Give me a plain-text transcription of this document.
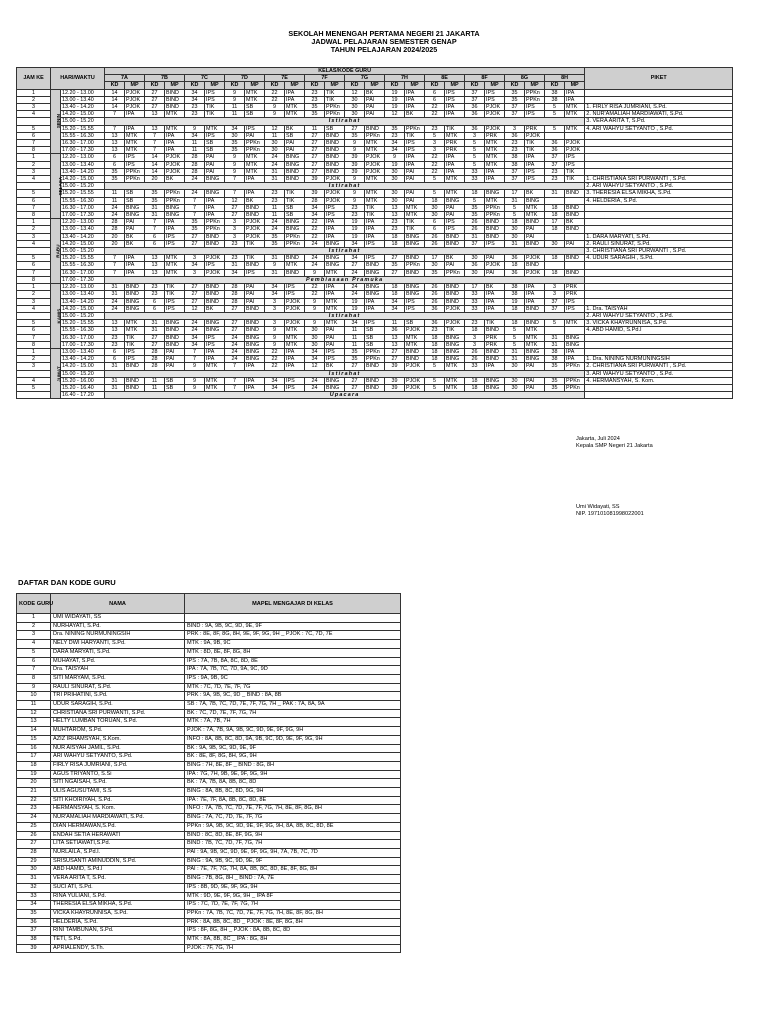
SEKOLAH MENENGAH PERTAMA NEGERI 21 JAKARTA
JADWAL PELAJARAN SEMESTER GENAP
TAHUN PELAJARAN 2024/2025
JAM KE	HARI/WAKTU		KELAS/KODE GURU																								PIKET
			7A		7B		7C		7D		7E		7F		7G		7H		8E		8F		8G		8H		
			KD	MP	KD	MP	KD	MP	KD	MP	KD	MP	KD	MP	KD	MP	KD	MP	KD	MP	KD	MP	KD	MP	KD	MP	
1	SENIN	12.20 - 13.00	14	PJOK	27	BIND	34	IPS	9	MTK	22	IPA	23	TIK	12	BK	19	IPA	6	IPS	37	IPS	35	PPKn	38	IPA	
2		13.00 - 13.40	14	PJOK	27	BIND	34	IPS	9	MTK	22	IPA	23	TIK	30	PAI	19	IPA	6	IPS	37	IPS	35	PPKn	38	IPA	
3		13.40 - 14.20	14	PJOK	27	BIND	23	TIK	11	SB	9	MTK	35	PPKn	30	PAI	19	IPA	22	IPA	36	PJOK	37	IPS	5	MTK	1. FIRLY RISA JUMRIANI, S.Pd.
4		14.20 - 15.00	7	IPA	13	MTK	23	TIK	11	SB	9	MTK	35	PPKn	30	PAI	12	BK	22	IPA	36	PJOK	37	IPS	5	MTK	2. NUR'AMALIAH MARDIAWATI, S.Pd.
		15.00 - 15.20	Istirahat																								3. VERA ARITA T, S.Pd.
5		15.20 - 15.55	7	IPA	13	MTK	9	MTK	34	IPS	12	BK	11	SB	27	BIND	35	PPKn	23	TIK	36	PJOK	3	PRK	5	MTK	4. ARI WAHYU SETYANTO , S.Pd.
6		15.55 - 16.30	13	MTK	7	IPA	34	IPS	30	PAI	11	SB	27	BIND	35	PPKn	23	TIK	5	MTK	3	PRK	36	PJOK			
7		16.30 - 17.00	13	MTK	7	IPA	11	SB	35	PPKn	30	PAI	27	BIND	9	MTK	34	IPS	3	PRK	5	MTK	23	TIK	36	PJOK	
8		17.00 - 17.30	13	MTK	7	IPA	11	SB	35	PPKn	30	PAI	27	BIND	9	MTK	34	IPS	3	PRK	5	MTK	23	TIK	36	PJOK	
1	SELASA	12.20 - 13.00	6	IPS	14	PJOK	28	PAI	9	MTK	24	BING	27	BIND	39	PJOK	9	IPA	22	IPA	5	MTK	38	IPA	37	IPS	
2		13.00 - 13.40	6	IPS	14	PJOK	28	PAI	9	MTK	24	BING	27	BIND	39	PJOK	19	IPA	22	IPA	5	MTK	38	IPA	37	IPS	
3		13.40 - 14.20	35	PPKn	14	PJOK	28	PAI	9	MTK	31	BIND	27	BIND	39	PJOK	30	PAI	22	IPA	33	IPA	37	IPS	23	TIK	
4		14.20 - 15.00	35	PPKn	20	BK	24	BING	7	IPA	31	BIND	39	PJOK	9	MTK	30	PAI	5	MTK	33	IPA	37	IPS	23	TIK	1. CHRISTIANA SRI PURWANTI , S.Pd.
		15.00 - 15.20	Istirahat																								2. ARI WAHYU SETYANTO , S.Pd.
5		15.20 - 15.55	11	SB	35	PPKn	24	BING	7	IPA	23	TIK	39	PJOK	9	MTK	30	PAI	5	MTK	18	BING	17	BK	31	BIND	3. THERESIA ELSA MIKHA, S.Pd.
6		15.55 - 16.30	11	SB	35	PPKn	7	IPA	12	BK	23	TIK	28	PJOK	9	MTK	30	PAI	18	BING	5	MTK	31	BING			4. HELDERIA, S.Pd.
7		16.30 - 17.00	24	BING	31	BING	7	IPA	27	BIND	11	SB	34	IPS	23	TIK	13	MTK	30	PAI	35	PPKn	5	MTK	18	BIND	
8		17.00 - 17.30	24	BING	31	BING	7	IPA	27	BIND	11	SB	34	IPS	23	TIK	13	MTK	30	PAI	35	PPKn	5	MTK	18	BIND	
1	RABU	12.20 - 13.00	28	PAI	7	IPA	35	PPKn	3	PJOK	24	BING	22	IPA	19	IPA	23	TIK	6	IPS	26	BIND	18	BIND	17	BK	
2		13.00 - 13.40	28	PAI	7	IPA	35	PPKn	3	PJOK	24	BING	22	IPA	19	IPA	23	TIK	6	IPS	26	BIND	30	PAI	18	BIND	
3		13.40 - 14.20	20	BK	6	IPS	27	BIND	3	PJOK	35	PPKn	22	IPA	19	IPA	18	BING	26	BIND	31	BIND	30	PAI			1. DARA MARYATI, S.Pd.
4		14.20 - 15.00	20	BK	6	IPS	27	BIND	23	TIK	35	PPKn	24	BING	34	IPS	18	BING	26	BIND	37	IPS	31	BIND	30	PAI	2. RAULI SINURAT, S.Pd.
		15.00 - 15.20	Istirahat																								3. CHRISTIANA SRI PURWANTI , S.Pd.
5		15.20 - 15.55	7	IPA	13	MTK	3	PJOK	23	TIK	31	BIND	24	BING	34	IPS	27	BIND	17	BK	30	PAI	36	PJOK	18	BIND	4. UDUR SARAGIH , S.Pd.
6		15.55 - 16.30	7	IPA	13	MTK	34	IPS	31	BIND	9	MTK	24	BING	27	BIND	35	PPKn	30	PAI	36	PJOK	18	BIND			
7		16.30 - 17.00	7	IPA	13	MTK	3	PJOK	34	IPS	31	BIND	9	MTK	24	BING	27	BIND	35	PPKn	30	PAI	36	PJOK	18	BIND	
8		17.00 - 17.30	Pembiasaan Pramuka																								
1	KAMIS	12.20 - 13.00	31	BIND	23	TIK	27	BIND	28	PAI	34	IPS	22	IPA	24	BING	18	BING	26	BIND	17	BK	38	IPA	3	PRK	
2		13.00 - 13.40	31	BIND	23	TIK	27	BIND	28	PAI	34	IPS	22	IPA	24	BING	18	BING	26	BIND	33	IPA	38	IPA	3	PRK	
3		13.40 - 14.20	24	BING	6	IPS	27	BIND	28	PAI	3	PJOK	9	MTK	19	IPA	34	IPS	26	BIND	33	IPA	19	IPA	37	IPS	
4		14.20 - 15.00	24	BING	6	IPS	12	BK	27	BIND	3	PJOK	9	MTK	19	IPA	34	IPS	36	PJOK	33	IPA	18	BIND	37	IPS	1. Dra. TAISYAH
		15.00 - 15.20	Istirahat																								2. ARI WAHYU SETYANTO , S.Pd.
5		15.20 - 15.55	13	MTK	31	BING	24	BING	27	BIND	3	PJOK	9	MTK	34	IPS	11	SB	36	PJOK	23	TIK	18	BIND	5	MTK	3. VICKA KHAYRUNNISA, S.Pd.
6		15.55 - 16.30	13	MTK	31	BIND	24	BING	27	BIND	9	MTK	30	PAI	11	SB	36	PJOK	23	TIK	18	BIND	5	MTK			4. ABD HAMID, S.Pd.I
7		16.30 - 17.00	23	TIK	27	BIND	34	IPS	24	BING	9	MTK	30	PAI	11	SB	13	MTK	18	BING	3	PRK	5	MTK	31	BING	
8		17.00 - 17.30	23	TIK	27	BIND	34	IPS	24	BING	9	MTK	30	PAI	11	SB	13	MTK	18	BING	3	PRK	5	MTK	31	BING	
1	JUMAT	13.00 - 13.40	6	IPS	28	PAI	7	IPA	24	BING	22	IPA	34	IPS	35	PPKn	27	BIND	18	BING	26	BIND	31	BING	38	IPA	
2		13.40 - 14.20	6	IPS	28	PAI	7	IPA	24	BING	22	IPA	34	IPS	35	PPKn	27	BIND	18	BING	26	BIND	31	BING	38	IPA	1. Dra. NINING NURMUNINGSIH
3		14.20 - 15.00	31	BIND	28	PAI	9	MTK	7	IPA	22	IPA	12	BK	27	BIND	39	PJOK	5	MTK	33	IPA	30	PAI	35	PPKn	2. CHRISTIANA SRI PURWANTI , S.Pd.
		15.00 - 15.20	Istirahat																								3. ARI WAHYU SETYANTO , S.Pd.
4		15.20 - 16.00	31	BIND	11	SB	9	MTK	7	IPA	34	IPS	24	BING	27	BIND	39	PJOK	5	MTK	18	BING	30	PAI	35	PPKn	4. HERMANSYAH, S. Kom.
5		15.20 - 16.40	31	BIND	11	SB	9	MTK	7	IPA	34	IPS	24	BING	27	BIND	39	PJOK	5	MTK	18	BING	30	PAI	35	PPKn	
		16.40 - 17.20	Upacara																								
Jakarta, Juli 2024
Kepala SMP Negeri 21 Jakarta
Umi Widayati, SS
NIP. 197101081998022001
DAFTAR DAN KODE GURU
KODE GURU	NAMA	MAPEL MENGAJAR DI KELAS
1	UMI WIDAYATI, SS	
2	NURHAYATI, S.Pd.	BIND : 9A, 9B, 9C, 9D, 9E, 9F
3	Dra. NINING NURMUNINGSIH	PRK : 8E, 8F, 8G, 8H, 9E, 9F, 9G, 9H _ PJOK : 7C, 7D, 7E
4	NELY DWI HARYANTI, S.Pd.	MTK : 9A, 9B, 9C
5	DARA MARYATI, S.Pd.	MTK : 8D, 8E, 8F, 8G, 8H
6	MUHAYAT, S.Pd.	IPS : 7A, 7B, 8A, 8C, 8D, 8E
7	Dra. TAISYAH	IPA : 7A, 7B, 7C, 7D, 9A, 9C, 9D
8	SITI MARYAM, S.Pd.	IPS : 9A, 9B, 9C
9	RAULI SINURAT, S.Pd.	MTK : 7C, 7D, 7E, 7F, 7G
10	TRI PRIHATINI, S.Pd.	PRK : 9A, 9B, 9C, 9D _ BIND : 8A, 8B
11	UDUR SARAGIH, S.Pd.	SB : 7A, 7B, 7C, 7D, 7E, 7F, 7G, 7H _ PAK : 7A, 8A, 9A
12	CHRISTIANA SRI PURWANTI, S.Pd.	BK : 7C, 7D, 7E, 7F, 7G, 7H
13	HELTY LUMBAN TORUAN, S.Pd.	MTK : 7A, 7B, 7H
14	MUHTAROM, S.Pd.	PJOK : 7A, 7B, 9A, 9B, 9C, 9D, 9E, 9F, 9G, 9H
15	AZIZ IRHAMSYAH, S.Kom.	INFO : 8A, 8B, 8C, 8D, 9A, 9B, 9C, 9D, 9E, 9F, 9G, 9H
16	NUR AISYAH JAMIL, S.Pd.	BK : 9A, 9B, 9C, 9D, 9E, 9F
17	ARI WAHYU SETYANTO, S.Pd.	BK : 8E, 8F, 8G, 8H, 9G, 9H
18	FIRLY RISA JUMRIANI, S.Pd.	BING : 7H, 8E, 8F _ BIND : 8G, 8H
19	AGUS TRIYANTO, S.Si	IPA : 7G, 7H, 9B, 9E, 9F, 9G, 9H
20	SITI NGAISAH, S.Pd.	BK : 7A, 7B, 8A, 8B, 8C, 8D
21	ULIS AGUSUTAMI, S.S	BING : 8A, 8B, 8C, 8D, 9G, 9H
22	SITI KHOIRIYAH, S.Pd.	IPA : 7E, 7F, 8A, 8B, 8C, 8D, 8E
23	HERMANSYAH, S. Kom.	INFO : 7A, 7B, 7C, 7D, 7E, 7F, 7G, 7H, 8E, 8F, 8G, 8H
24	NUR'AMALIAH MARDIAWATI, S.Pd.	BING : 7A, 7C, 7D, 7E, 7F, 7G
25	DIAN HERMAWAN,S.Pd.	PPKn : 9A, 9B, 9C, 9D, 9E, 9F, 9G, 9H, 8A, 8B, 8C, 8D, 8E
26	ENDAH SETIA HERAWATI	BIND : 8C, 8D, 8E, 8F, 9G, 9H
27	LITA SETIAWATI,S.Pd.	BIND : 7B, 7C, 7D, 7F, 7G, 7H
28	NURLAILA, S.Pd.I.	PAI : 9A, 9B, 9C, 9D, 9E, 9F, 9G, 9H, 7A, 7B, 7C, 7D
29	SRISUSANTI AMINUDDIN, S.Pd.	BING : 9A, 9B, 9C, 9D, 9E, 9F
30	ABD HAMID, S.Pd.I	PAI : 7E, 7F, 7G, 7H, 8A, 8B, 8C, 8D, 8E, 8F, 8G, 8H
31	VERA ARITA T, S.Pd.	BING : 7B, 8G, 8H _ BIND : 7A, 7E
32	SUCI ATI, S.Pd.	IPS : 8B, 9D, 9E, 9F, 9G, 9H
33	RINA YULIANI, S.Pd.	MTK : 9D, 9E, 9F, 9G, 9H _ IPA 8F
34	THERESIA ELSA MIKHA, S.Pd.	IPS : 7C, 7D, 7E, 7F, 7G, 7H
35	VICKA KHAYRUNNISA, S.Pd.	PPKn : 7A, 7B, 7C, 7D, 7E, 7F, 7G, 7H, 8E, 8F, 8G, 8H
36	HELDERIA, S.Pd.	PRK : 8A, 8B, 8C, 8D _ PJOK : 8E, 8F, 8G, 8H
37	RINI TAMBUNAN, S.Pd.	IPS : 8F, 8G, 8H _ PJOK : 8A, 8B, 8C, 8D
38	TETI, S.Pd.	MTK : 8A, 8B, 8C _ IPA : 8G, 8H
39	APRIALENDY, S.Th.	PJOK : 7F, 7G, 7H
